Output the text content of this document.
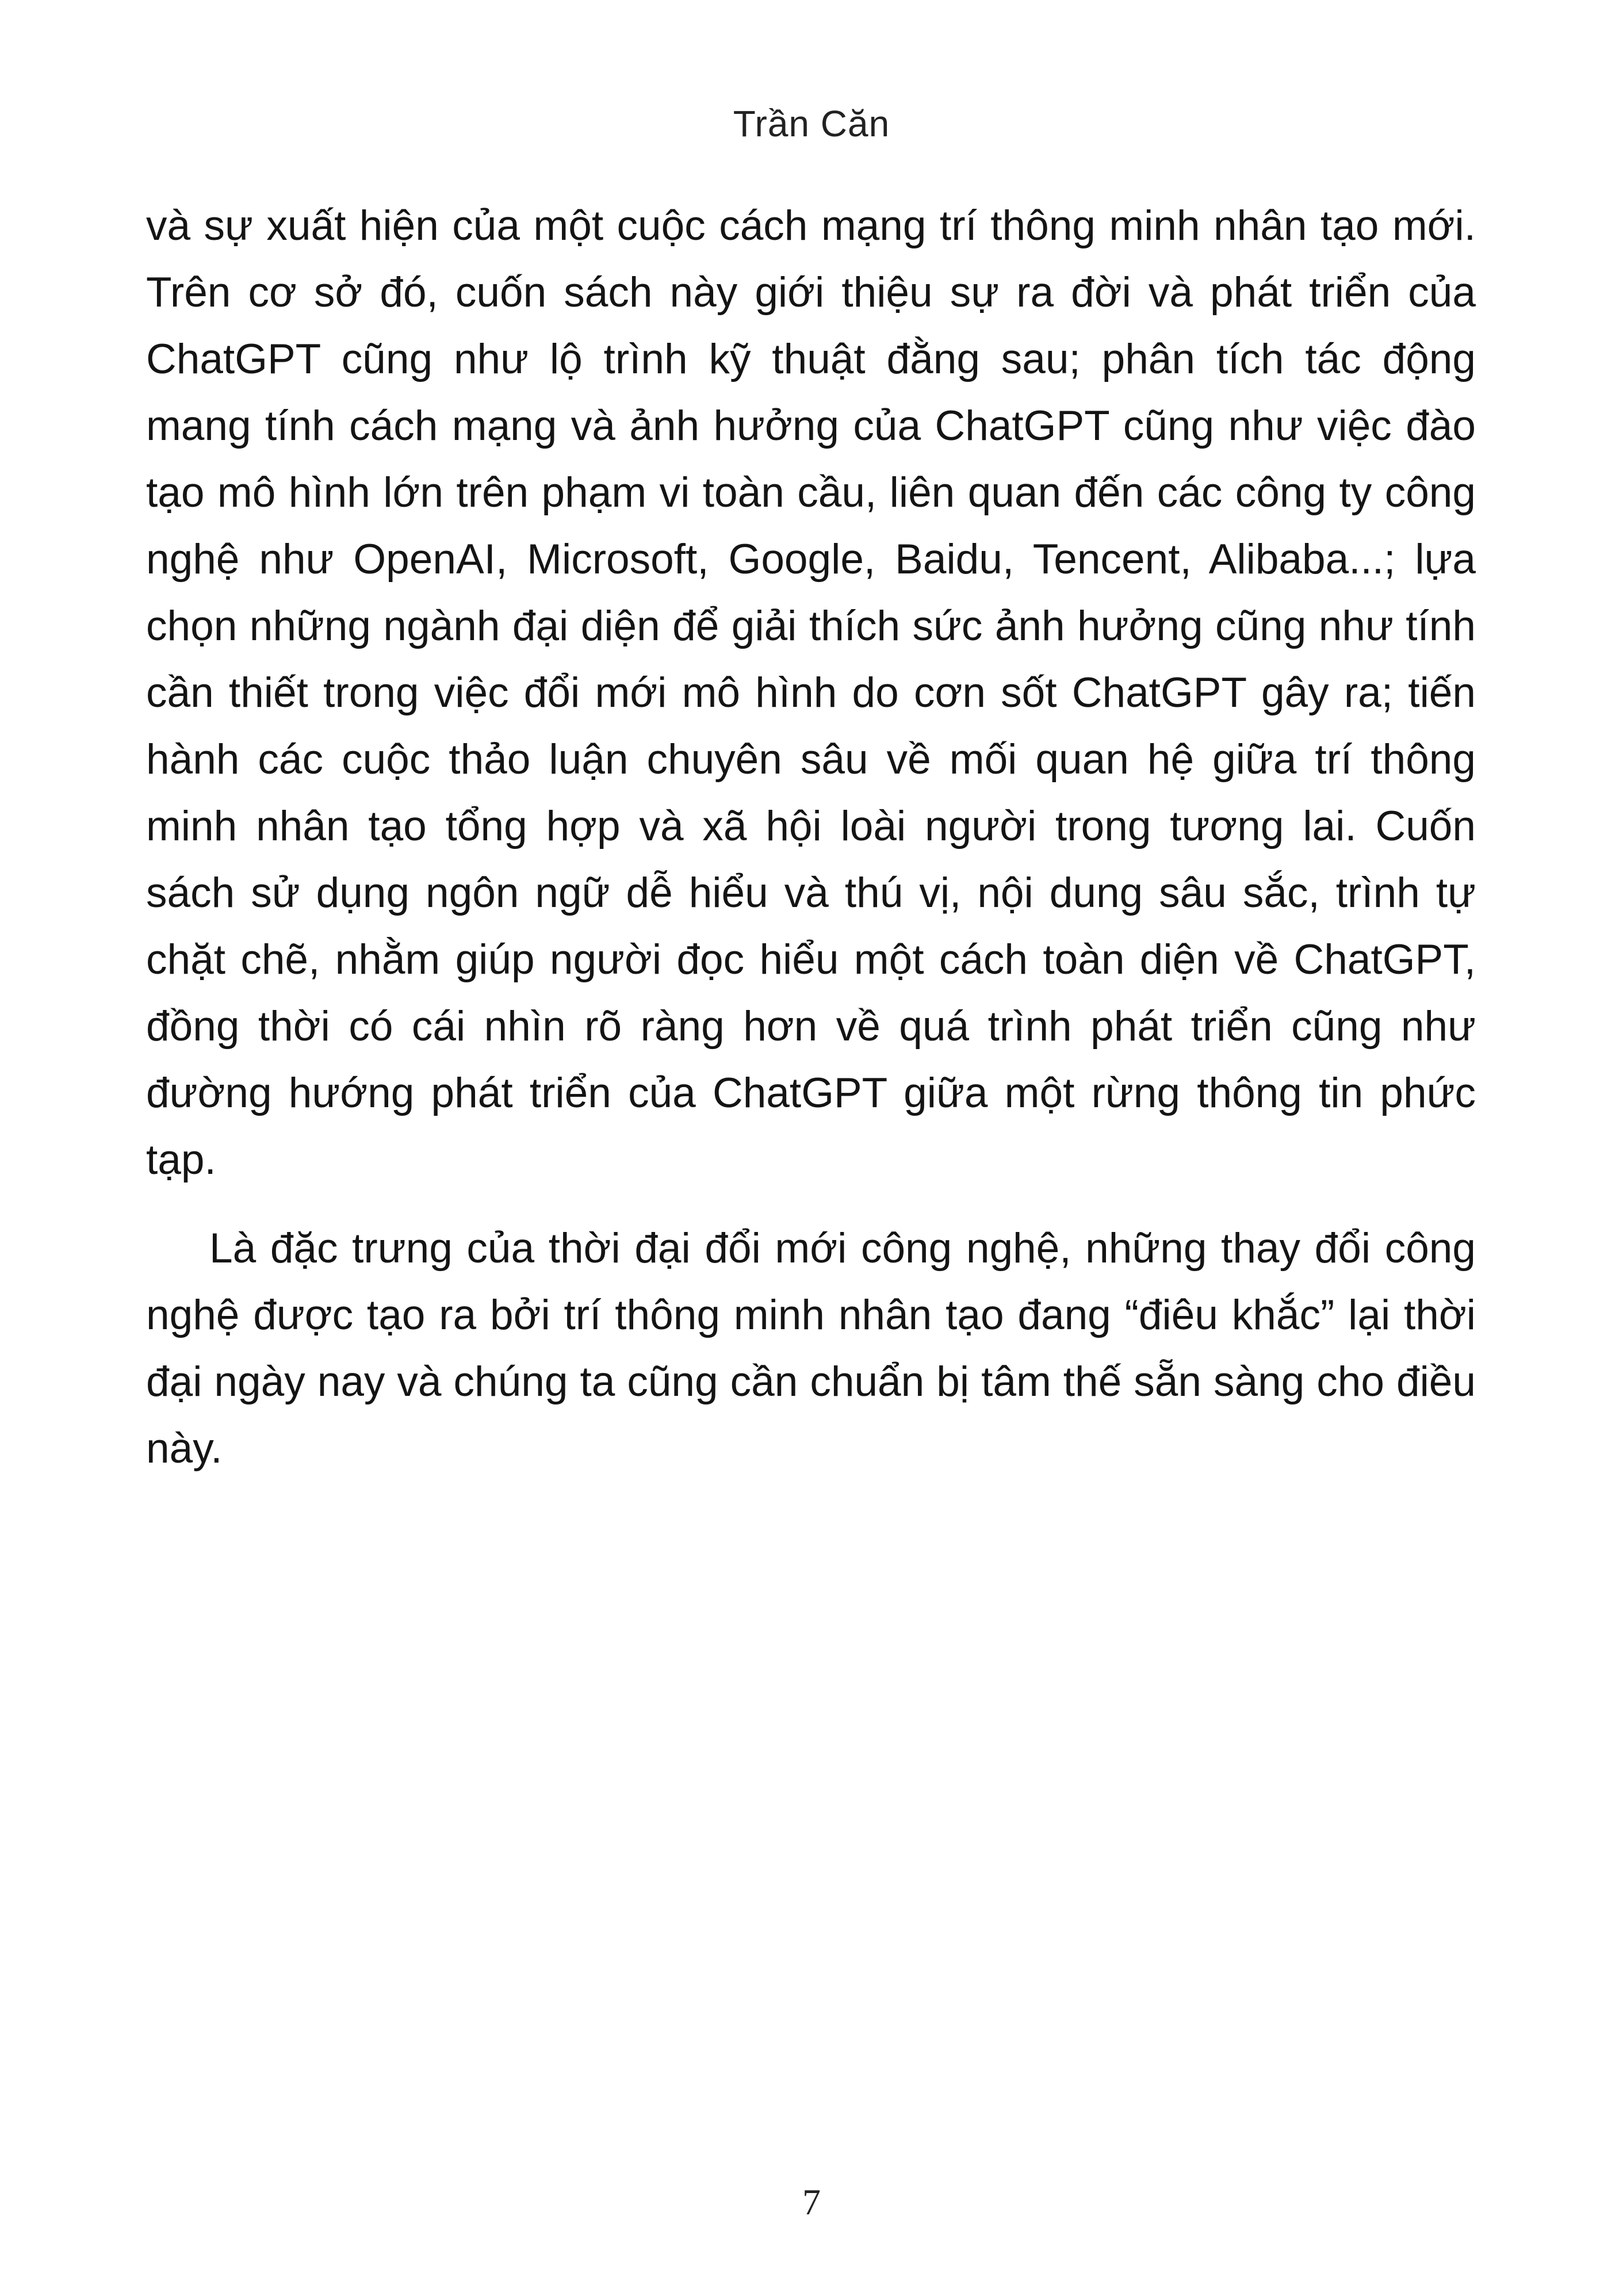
Trần Căn

và sự xuất hiện của một cuộc cách mạng trí thông minh nhân tạo mới. Trên cơ sở đó, cuốn sách này giới thiệu sự ra đời và phát triển của ChatGPT cũng như lộ trình kỹ thuật đằng sau; phân tích tác động mang tính cách mạng và ảnh hưởng của ChatGPT cũng như việc đào tạo mô hình lớn trên phạm vi toàn cầu, liên quan đến các công ty công nghệ như OpenAI, Microsoft, Google, Baidu, Tencent, Alibaba...; lựa chọn những ngành đại diện để giải thích sức ảnh hưởng cũng như tính cần thiết trong việc đổi mới mô hình do cơn sốt ChatGPT gây ra; tiến hành các cuộc thảo luận chuyên sâu về mối quan hệ giữa trí thông minh nhân tạo tổng hợp và xã hội loài người trong tương lai. Cuốn sách sử dụng ngôn ngữ dễ hiểu và thú vị, nội dung sâu sắc, trình tự chặt chẽ, nhằm giúp người đọc hiểu một cách toàn diện về ChatGPT, đồng thời có cái nhìn rõ ràng hơn về quá trình phát triển cũng như đường hướng phát triển của ChatGPT giữa một rừng thông tin phức tạp.

Là đặc trưng của thời đại đổi mới công nghệ, những thay đổi công nghệ được tạo ra bởi trí thông minh nhân tạo đang “điêu khắc” lại thời đại ngày nay và chúng ta cũng cần chuẩn bị tâm thế sẵn sàng cho điều này.

7
